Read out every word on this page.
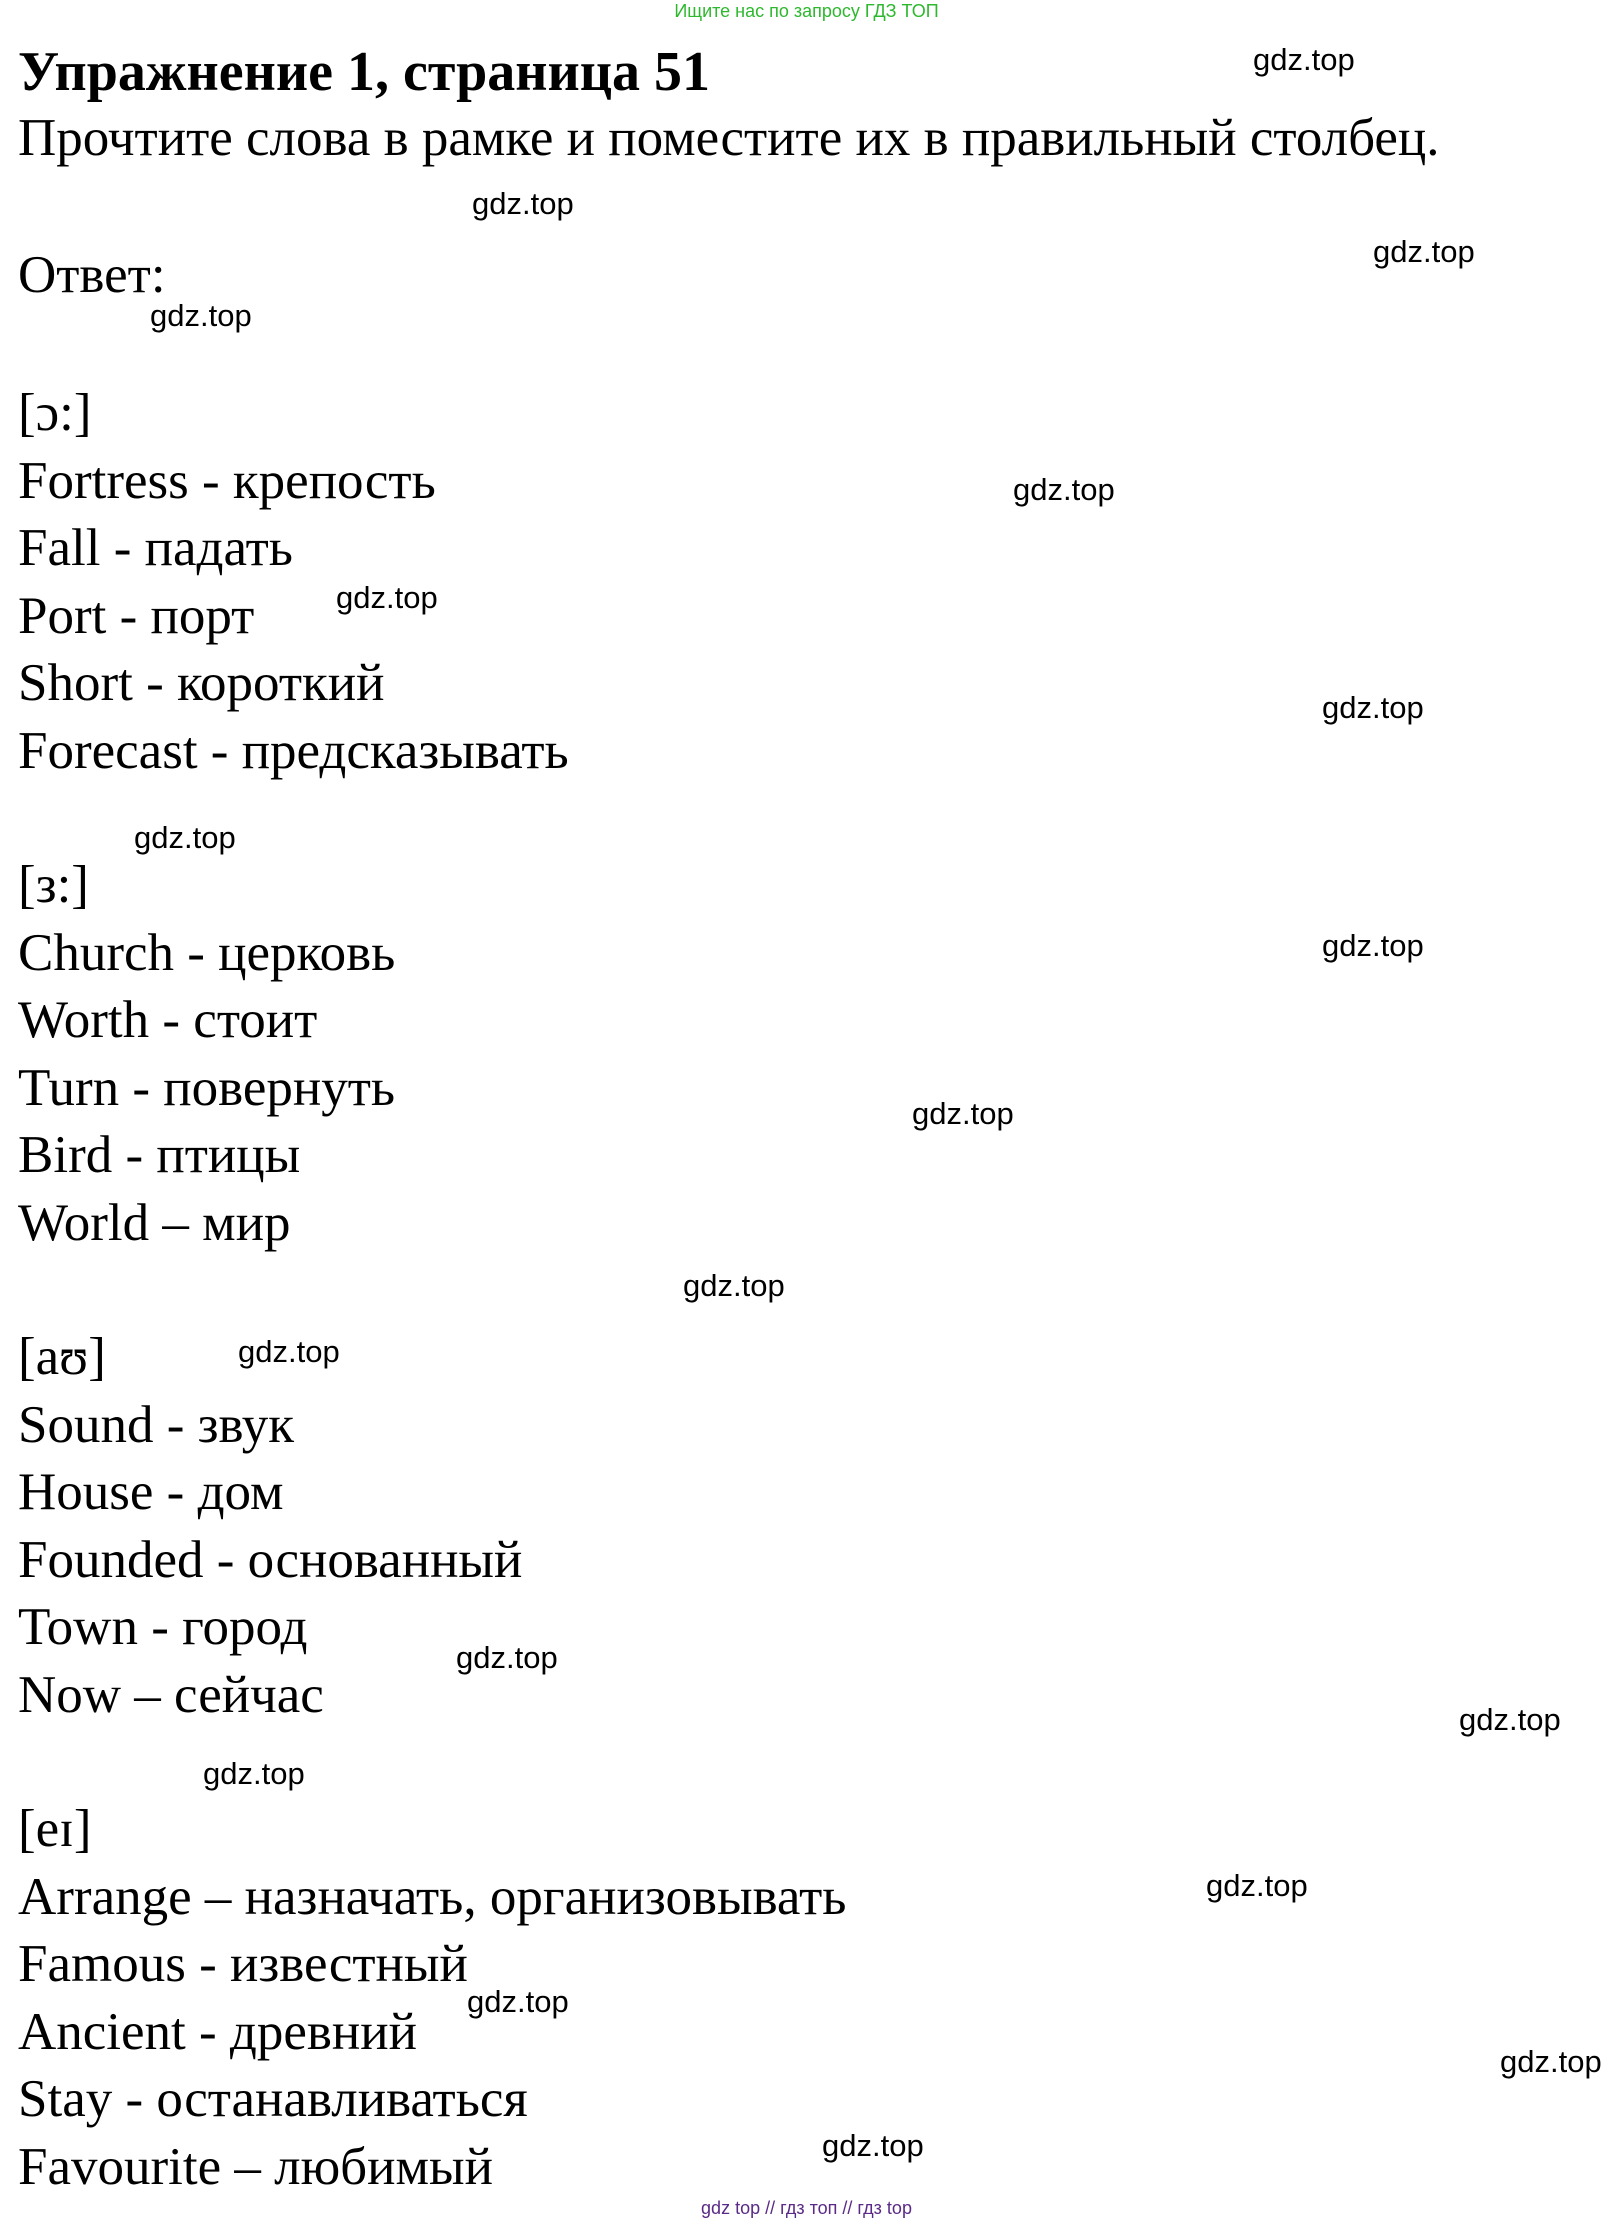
Ищите нас по запросу ГДЗ ТОП
Упражнение 1, страница 51

Прочтите слова в рамке и поместите их в правильный столбец.

Ответ:

[ɔ:]
Fortress - крепость
Fall - падать
Port - порт
Short - короткий
Forecast - предсказывать
[з:]
Church - церковь
Worth - стоит
Turn - повернуть
Bird - птицы
World – мир
[aʊ]
Sound - звук
House - дом
Founded - основанный
Town - город
Now – сейчас
[eɪ]
Arrange – назначать, организовывать
Famous - известный
Ancient - древний
Stay - останавливаться
Favourite – любимый
gdz.top
gdz.top
gdz.top
gdz.top
gdz.top
gdz.top
gdz.top
gdz.top
gdz.top
gdz.top
gdz.top
gdz.top
gdz.top
gdz.top
gdz.top
gdz.top
gdz.top
gdz.top
gdz.top
gdz top // гдз топ // гдз top
